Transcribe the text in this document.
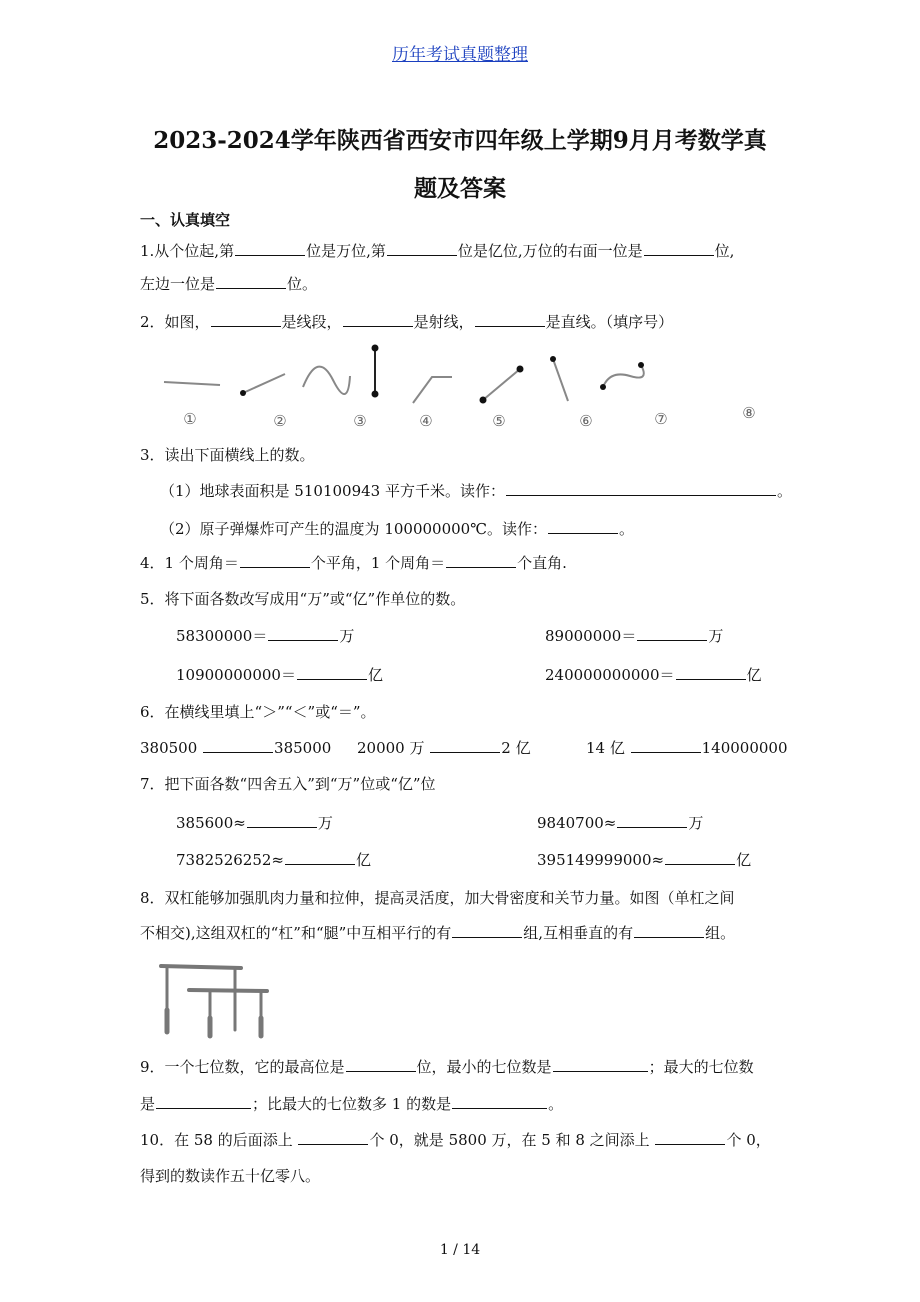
历年考试真题整理
2023-2024学年陕西省西安市四年级上学期9月月考数学真
题及答案
一、认真填空
1.从个位起,第	位是万位,第	位是亿位,万位的右面一位是	位,
左边一位是	位。
2．如图，	是线段，	是射线，	是直线。（填序号）
①	②	③	④	⑤	⑥	⑦	⑧
3．读出下面横线上的数。
（1）地球表面积是 510100943 平方千米。读作：	。
（2）原子弹爆炸可产生的温度为 100000000℃。读作：	。
4．1 个周角＝	个平角，1 个周角＝	个直角.
5．将下面各数改写成用“万”或“亿”作单位的数。
58300000＝	万	89000000＝	万
10900000000＝	亿	240000000000＝	亿
6．在横线里填上“＞”“＜”或“＝”。
380500	385000 20000 万	2 亿	14 亿	140000000
7．把下面各数“四舍五入”到“万”位或“亿”位
385600≈	万	9840700≈	万
7382526252≈	亿	395149999000≈	亿
8．双杠能够加强肌肉力量和拉伸，提高灵活度，加大骨密度和关节力量。如图（单杠之间
不相交),这组双杠的“杠”和“腿”中互相平行的有	组,互相垂直的有	组。
9．一个七位数，它的最高位是	位，最小的七位数是	；最大的七位数
是	；比最大的七位数多 1 的数是	。
10．在 58 的后面添上	个 0，就是 5800 万，在 5 和 8 之间添上	个 0，
得到的数读作五十亿零八。
1 / 14
